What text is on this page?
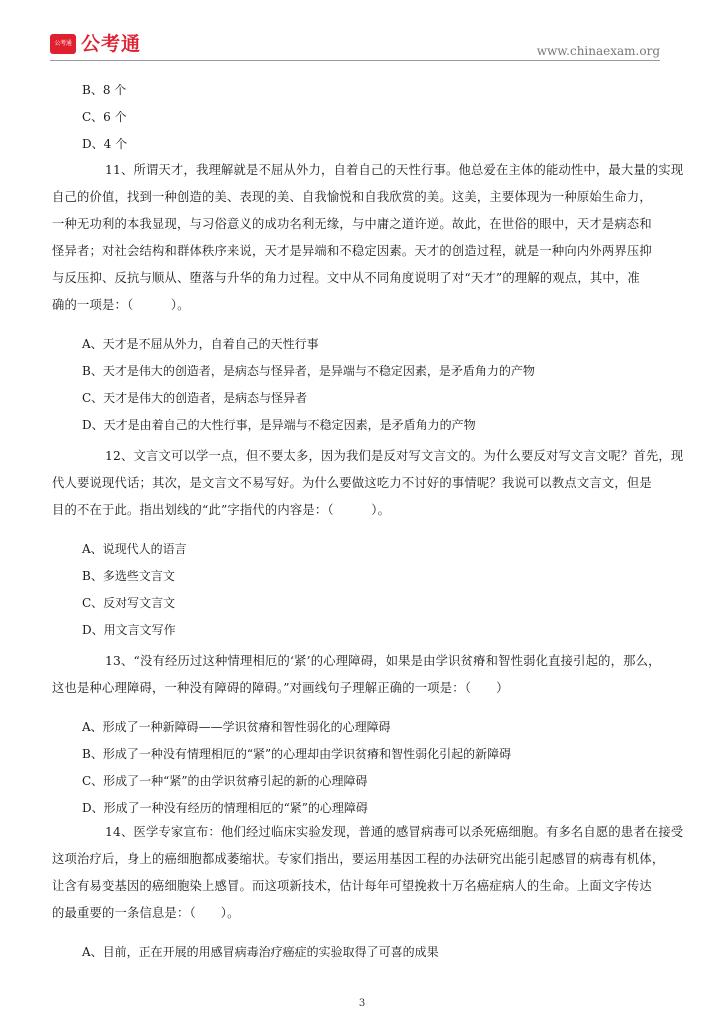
公考通 公考通	www.chinaexam.org

B、8 个

C、6 个

D、4 个

11、所谓天才，我理解就是不屈从外力，自着自己的天性行事。他总爱在主体的能动性中，最大量的实现

自己的价值，找到一种创造的美、表现的美、自我愉悦和自我欣赏的美。这美，主要体现为一种原始生命力，

一种无功利的本我显现，与习俗意义的成功名利无缘，与中庸之道许逆。故此，在世俗的眼中，天才是病态和

怪异者；对社会结构和群体秩序来说，天才是异端和不稳定因素。天才的创造过程，就是一种向内外两界压抑

与反压抑、反抗与顺从、堕落与升华的角力过程。文中从不同角度说明了对“天才”的理解的观点，其中，准

确的一项是：（　　　）。

A、天才是不屈从外力，自着自己的天性行事

B、天才是伟大的创造者，是病态与怪异者，是异端与不稳定因素，是矛盾角力的产物

C、天才是伟大的创造者，是病态与怪异者

D、天才是由着自己的大性行事，是异端与不稳定因素，是矛盾角力的产物

12、文言文可以学一点，但不要太多，因为我们是反对写文言文的。为什么要反对写文言文呢？首先，现

代人要说现代话；其次，是文言文不易写好。为什么要做这吃力不讨好的事情呢？我说可以教点文言文，但是

目的不在于此。指出划线的“此”字指代的内容是：（　　　）。

A、说现代人的语言

B、多选些文言文

C、反对写文言文

D、用文言文写作

13、“没有经历过这种情理相厄的‘紧’的心理障碍，如果是由学识贫瘠和智性弱化直接引起的，那么，

这也是种心理障碍，一种没有障碍的障碍。”对画线句子理解正确的一项是：（　　）

A、形成了一种新障碍——学识贫瘠和智性弱化的心理障碍

B、形成了一种没有情理相厄的“紧”的心理却由学识贫瘠和智性弱化引起的新障碍

C、形成了一种“紧”的由学识贫瘠引起的新的心理障碍

D、形成了一种没有经历的情理相厄的“紧”的心理障碍

14、医学专家宣布：他们经过临床实验发现，普通的感冒病毒可以杀死癌细胞。有多名自愿的患者在接受

这项治疗后，身上的癌细胞都成萎缩状。专家们指出，要运用基因工程的办法研究出能引起感冒的病毒有机体，

让含有易变基因的癌细胞染上感冒。而这项新技术，估计每年可望挽救十万名癌症病人的生命。上面文字传达

的最重要的一条信息是：（　　）。

A、目前，正在开展的用感冒病毒治疗癌症的实验取得了可喜的成果

3
